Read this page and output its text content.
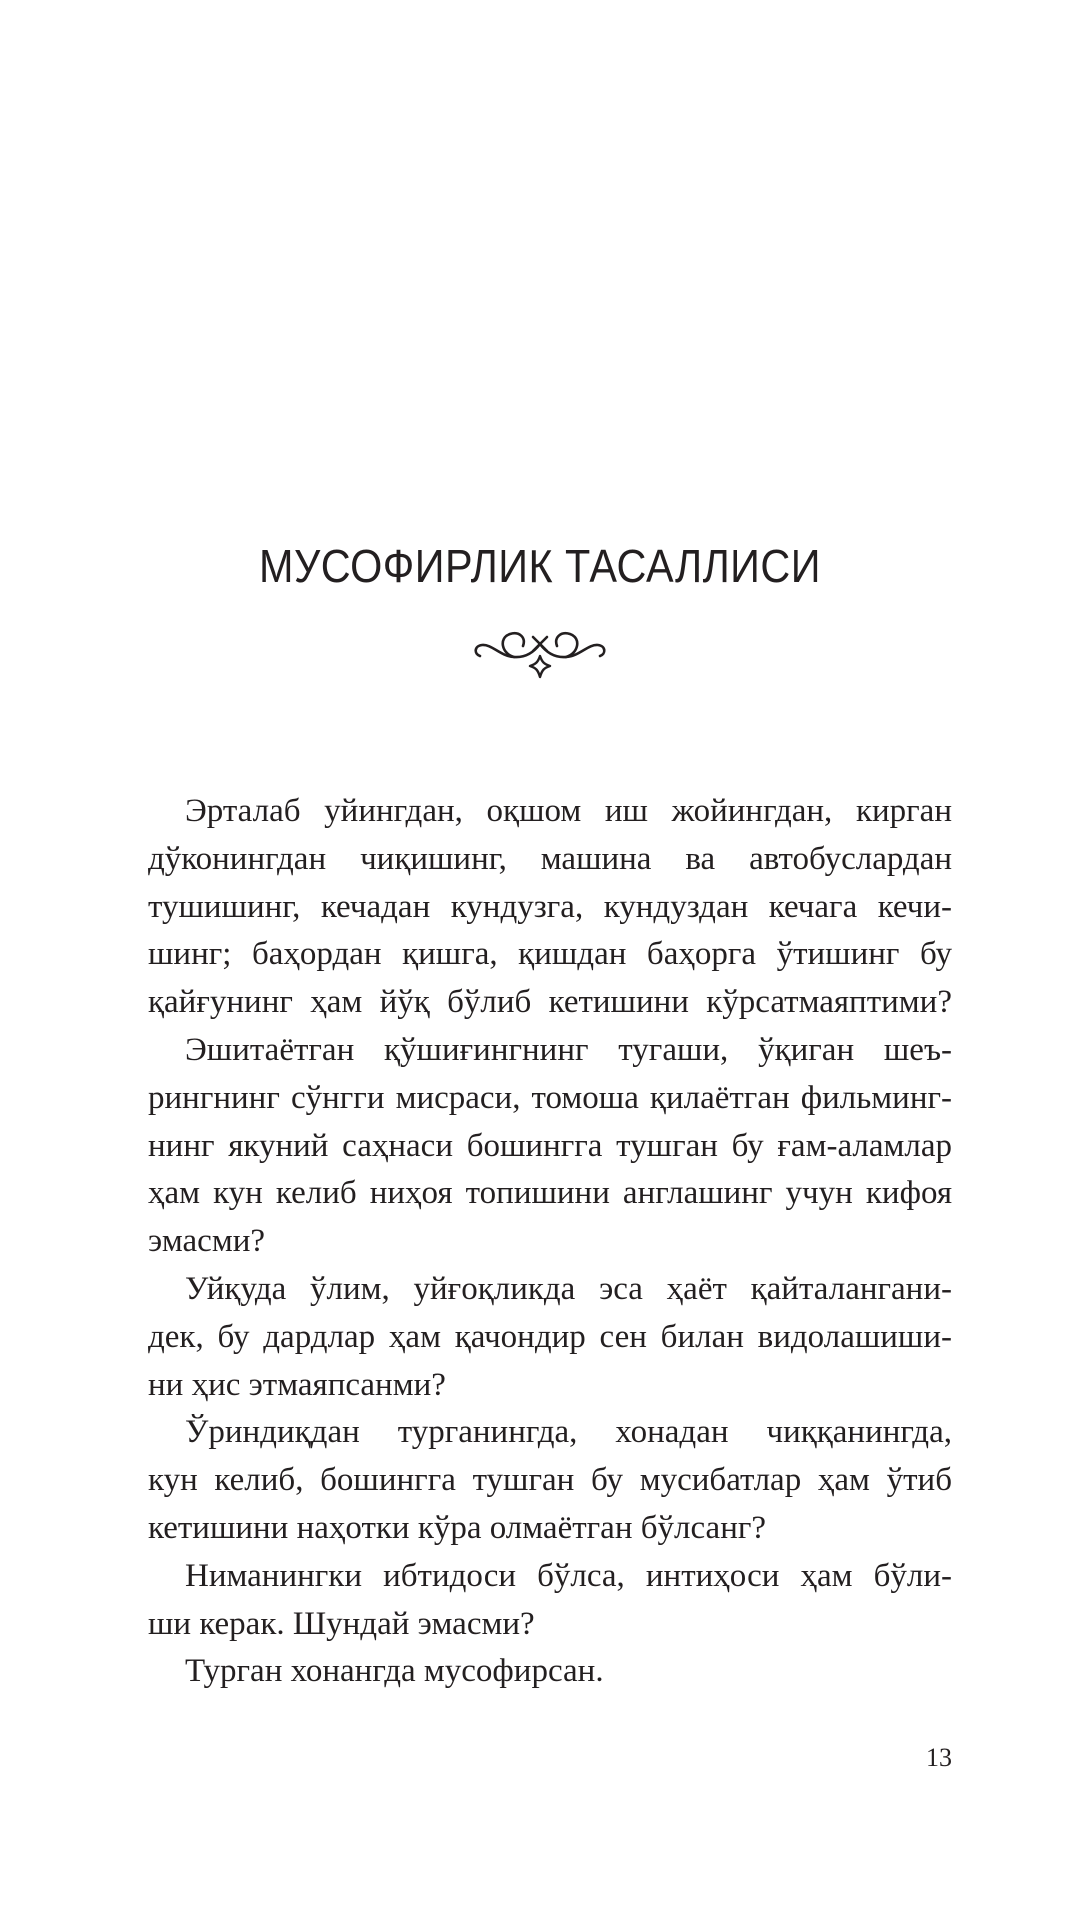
МУСОФИРЛИК ТАСАЛЛИСИ
Эрталаб уйингдан, оқшом иш жойингдан, кирган
дўконингдан чиқишинг, машина ва автобуслардан
тушишинг, кечадан кундузга, кундуздан кечага кечи-
шинг; баҳордан қишга, қишдан баҳорга ўтишинг бу
қайғунинг ҳам йўқ бўлиб кетишини кўрсатмаяптими?
Эшитаётган қўшиғингнинг тугаши, ўқиган шеъ-
рингнинг сўнгги мисраси, томоша қилаётган фильминг-
нинг якуний саҳнаси бошингга тушган бу ғам-аламлар
ҳам кун келиб ниҳоя топишини англашинг учун кифоя
эмасми?
Уйқуда ўлим, уйғоқликда эса ҳаёт қайталангани-
дек, бу дардлар ҳам қачондир сен билан видолашиши-
ни ҳис этмаяпсанми?
Ўриндиқдан турганингда, хонадан чиққанингда,
кун келиб, бошингга тушган бу мусибатлар ҳам ўтиб
кетишини наҳотки кўра олмаётган бўлсанг?
Ниманингки ибтидоси бўлса, интиҳоси ҳам бўли-
ши керак. Шундай эмасми?
Турган хонангда мусофирсан.
13
